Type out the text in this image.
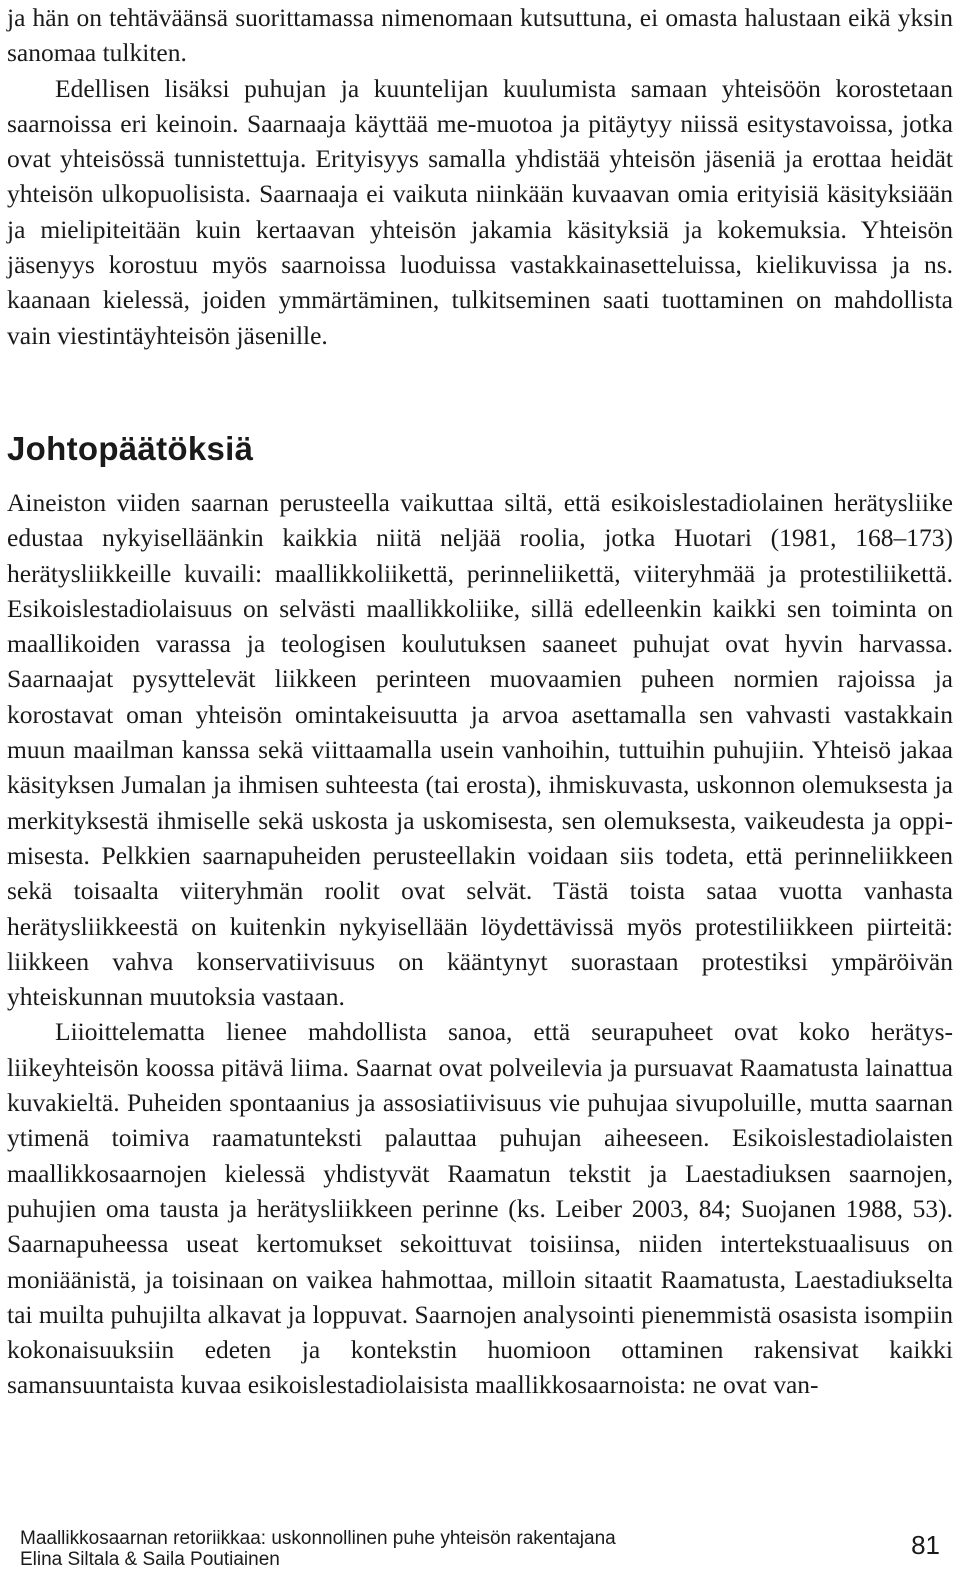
ja hän on tehtäväänsä suorittamassa nimenomaan kutsuttuna, ei omasta halustaan eikä yksin sanomaa tulkiten.

Edellisen lisäksi puhujan ja kuuntelijan kuulumista samaan yhteisöön korostetaan saarnoissa eri keinoin. Saarnaaja käyttää me-muotoa ja pitäytyy niissä esitystavoissa, jotka ovat yhteisössä tunnistettuja. Erityisyys samalla yhdistää yhteisön jäseniä ja erottaa heidät yhteisön ulkopuolisista. Saarnaaja ei vaikuta niinkään kuvaavan omia erityisiä käsityksiään ja mielipiteitään kuin kertaavan yhteisön jakamia käsityksiä ja kokemuksia. Yhteisön jäsenyys korostuu myös saarnoissa luoduissa vastakkainasetteluissa, kielikuvissa ja ns. kaanaan kielessä, joiden ymmärtäminen, tulkitseminen saati tuottaminen on mahdollista vain viestintäyhteisön jäsenille.

Johtopäätöksiä

Aineiston viiden saarnan perusteella vaikuttaa siltä, että esikoislestadiolainen herätysliike edustaa nykyiselläänkin kaikkia niitä neljää roolia, jotka Huotari (1981, 168–173) herätysliikkeille kuvaili: maallikkoliikettä, perinneliikettä, viiteryhmää ja protestiliikettä. Esikoislestadiolaisuus on selvästi maallikkoliike, sillä edelleenkin kaikki sen toiminta on maallikoiden varassa ja teologisen koulutuksen saaneet puhujat ovat hyvin harvassa. Saarnaajat pysyttelevät liikkeen perinteen muovaamien puheen normien rajoissa ja korostavat oman yhteisön omintakeisuutta ja arvoa asettamalla sen vahvasti vastakkain muun maailman kanssa sekä viittaamalla usein vanhoihin, tuttuihin puhujiin. Yhteisö jakaa käsityksen Jumalan ja ihmisen suhteesta (tai erosta), ihmiskuvasta, uskonnon olemuksesta ja merkityksestä ihmiselle sekä uskosta ja uskomisesta, sen olemuksesta, vaikeudesta ja oppimisesta. Pelkkien saarnapuheiden perusteellakin voidaan siis todeta, että perinneliikkeen sekä toisaalta viiteryhmän roolit ovat selvät. Tästä toista sataa vuotta vanhasta herätysliikkeestä on kuitenkin nykyisellään löydettävissä myös protestiliikkeen piirteitä: liikkeen vahva konservatiivisuus on kääntynyt suorastaan protestiksi ympäröivän yhteiskunnan muutoksia vastaan.

Liioittelematta lienee mahdollista sanoa, että seurapuheet ovat koko herätysliikeyhteisön koossa pitävä liima. Saarnat ovat polveilevia ja pursuavat Raamatusta lainattua kuvakieltä. Puheiden spontaanius ja assosiatiivisuus vie puhujaa sivupoluille, mutta saarnan ytimenä toimiva raamatunteksti palauttaa puhujan aiheeseen. Esikoislestadiolaisten maallikkosaarnojen kielessä yhdistyvät Raamatun tekstit ja Laestadiuksen saarnojen, puhujien oma tausta ja herätysliikkeen perinne (ks. Leiber 2003, 84; Suojanen 1988, 53). Saarnapuheessa useat kertomukset sekoittuvat toisiinsa, niiden intertekstuaalisuus on moniäänistä, ja toisinaan on vaikea hahmottaa, milloin sitaatit Raamatusta, Laestadiukselta tai muilta puhujilta alkavat ja loppuvat. Saarnojen analysointi pienemmistä osasista isompiin kokonaisuuksiin edeten ja kontekstin huomioon ottaminen rakensivat kaikki samansuuntaista kuvaa esikoislestadiolaisista maallikkosaarnoista: ne ovat van-

Maallikkosaarnan retoriikkaa: uskonnollinen puhe yhteisön rakentajana
Elina Siltala & Saila Poutiainen	81
